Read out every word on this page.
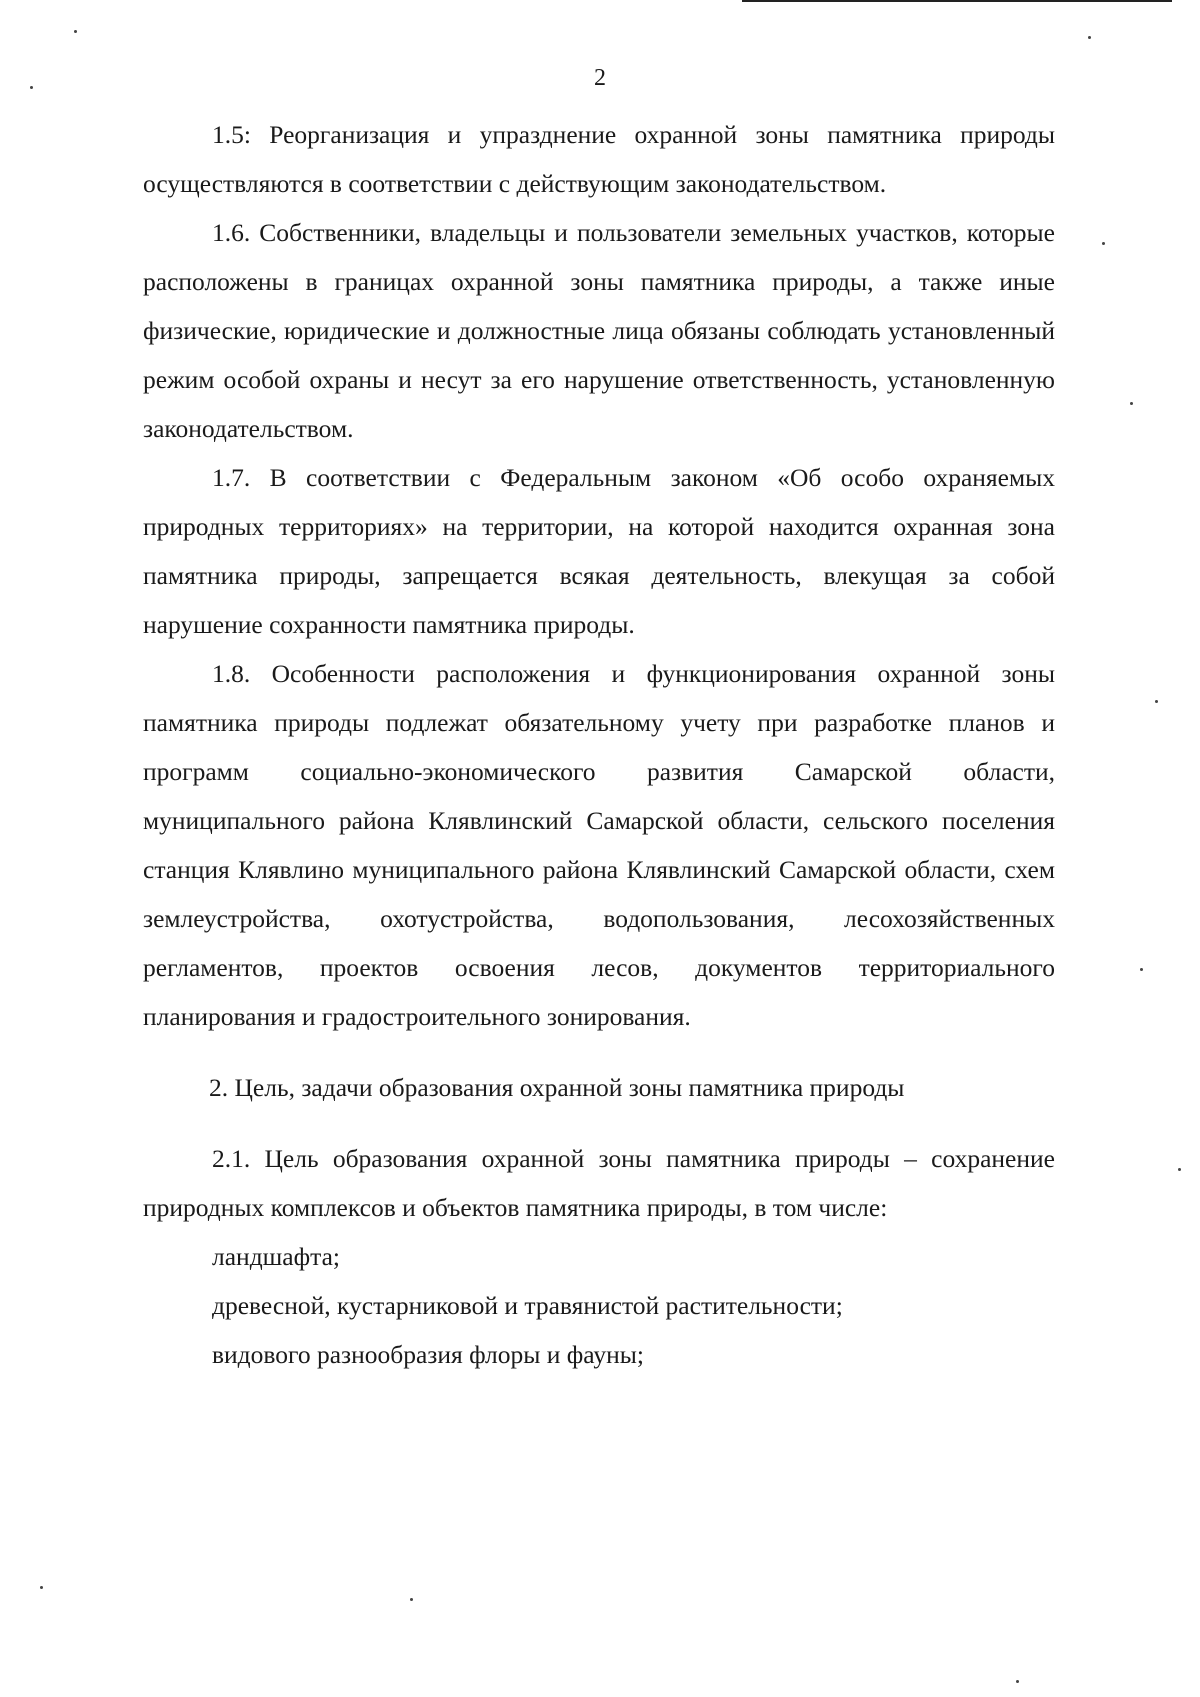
2

1.5: Реорганизация и упразднение охранной зоны памятника природы осуществляются в соответствии с действующим законодательством.

1.6. Собственники, владельцы и пользователи земельных участков, которые расположены в границах охранной зоны памятника природы, а также иные физические, юридические и должностные лица обязаны соблюдать установленный режим особой охраны и несут за его нарушение ответственность, установленную законодательством.

1.7. В соответствии с Федеральным законом «Об особо охраняемых природных территориях» на территории, на которой находится охранная зона памятника природы, запрещается всякая деятельность, влекущая за собой нарушение сохранности памятника природы.

1.8. Особенности расположения и функционирования охранной зоны памятника природы подлежат обязательному учету при разработке планов и программ социально-экономического развития Самарской области, муниципального района Клявлинский Самарской области, сельского поселения станция Клявлино муниципального района Клявлинский Самарской области, схем землеустройства, охотустройства, водопользования, лесохозяйственных регламентов, проектов освоения лесов, документов территориального планирования и градостроительного зонирования.

2. Цель, задачи образования охранной зоны памятника природы

2.1. Цель образования охранной зоны памятника природы – сохранение природных комплексов и объектов памятника природы, в том числе:

ландшафта;

древесной, кустарниковой и травянистой растительности;

видового разнообразия флоры и фауны;
